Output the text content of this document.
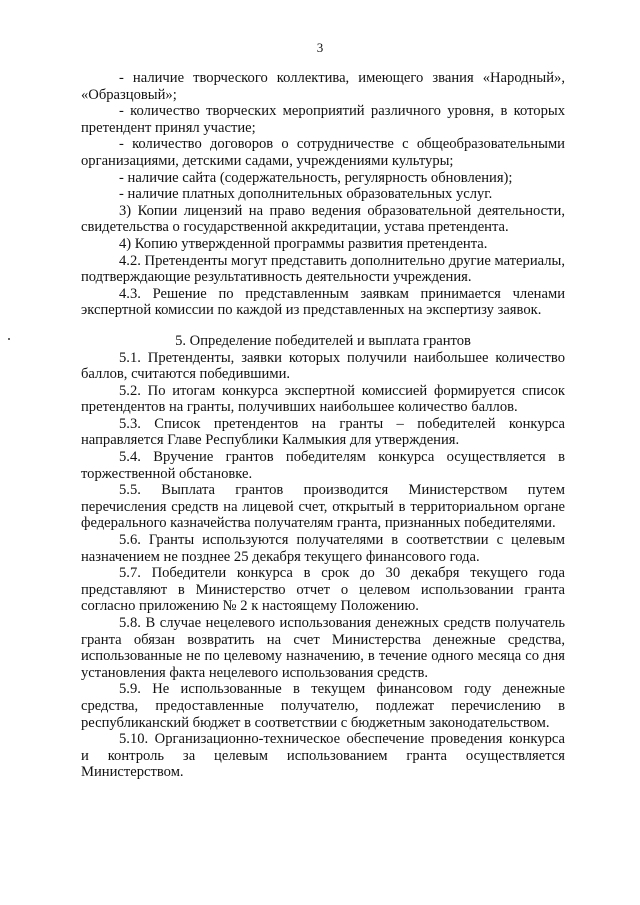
3

- наличие творческого коллектива, имеющего звания «Народный», «Образцовый»;

- количество творческих мероприятий различного уровня, в которых претендент принял участие;

- количество договоров о сотрудничестве с общеобразовательными организациями, детскими садами, учреждениями культуры;

- наличие сайта (содержательность, регулярность обновления);

- наличие платных дополнительных образовательных услуг.

3) Копии лицензий на право ведения образовательной деятельности, свидетельства о государственной аккредитации, устава претендента.

4) Копию утвержденной программы развития претендента.

4.2. Претенденты могут представить дополнительно другие материалы, подтверждающие результативность деятельности учреждения.

4.3. Решение по представленным заявкам принимается членами экспертной комиссии по каждой из представленных на экспертизу заявок.

5. Определение победителей и выплата грантов

5.1. Претенденты, заявки которых получили наибольшее количество баллов, считаются победившими.

5.2. По итогам конкурса экспертной комиссией формируется список претендентов на гранты, получивших наибольшее количество баллов.

5.3. Список претендентов на гранты – победителей конкурса направляется Главе Республики Калмыкия для утверждения.

5.4. Вручение грантов победителям конкурса осуществляется в торжественной обстановке.

5.5. Выплата грантов производится Министерством путем перечисления средств на лицевой счет, открытый в территориальном органе федерального казначейства получателям гранта, признанных победителями.

5.6. Гранты используются получателями в соответствии с целевым назначением не позднее 25 декабря текущего финансового года.

5.7. Победители конкурса в срок до 30 декабря текущего года представляют в Министерство отчет о целевом использовании гранта согласно приложению № 2 к настоящему Положению.

5.8. В случае нецелевого использования денежных средств получатель гранта обязан возвратить на счет Министерства денежные средства, использованные не по целевому назначению, в течение одного месяца со дня установления факта нецелевого использования средств.

5.9. Не использованные в текущем финансовом году денежные средства, предоставленные получателю, подлежат перечислению в республиканский бюджет в соответствии с бюджетным законодательством.

5.10. Организационно-техническое обеспечение проведения конкурса и контроль за целевым использованием гранта осуществляется Министерством.
